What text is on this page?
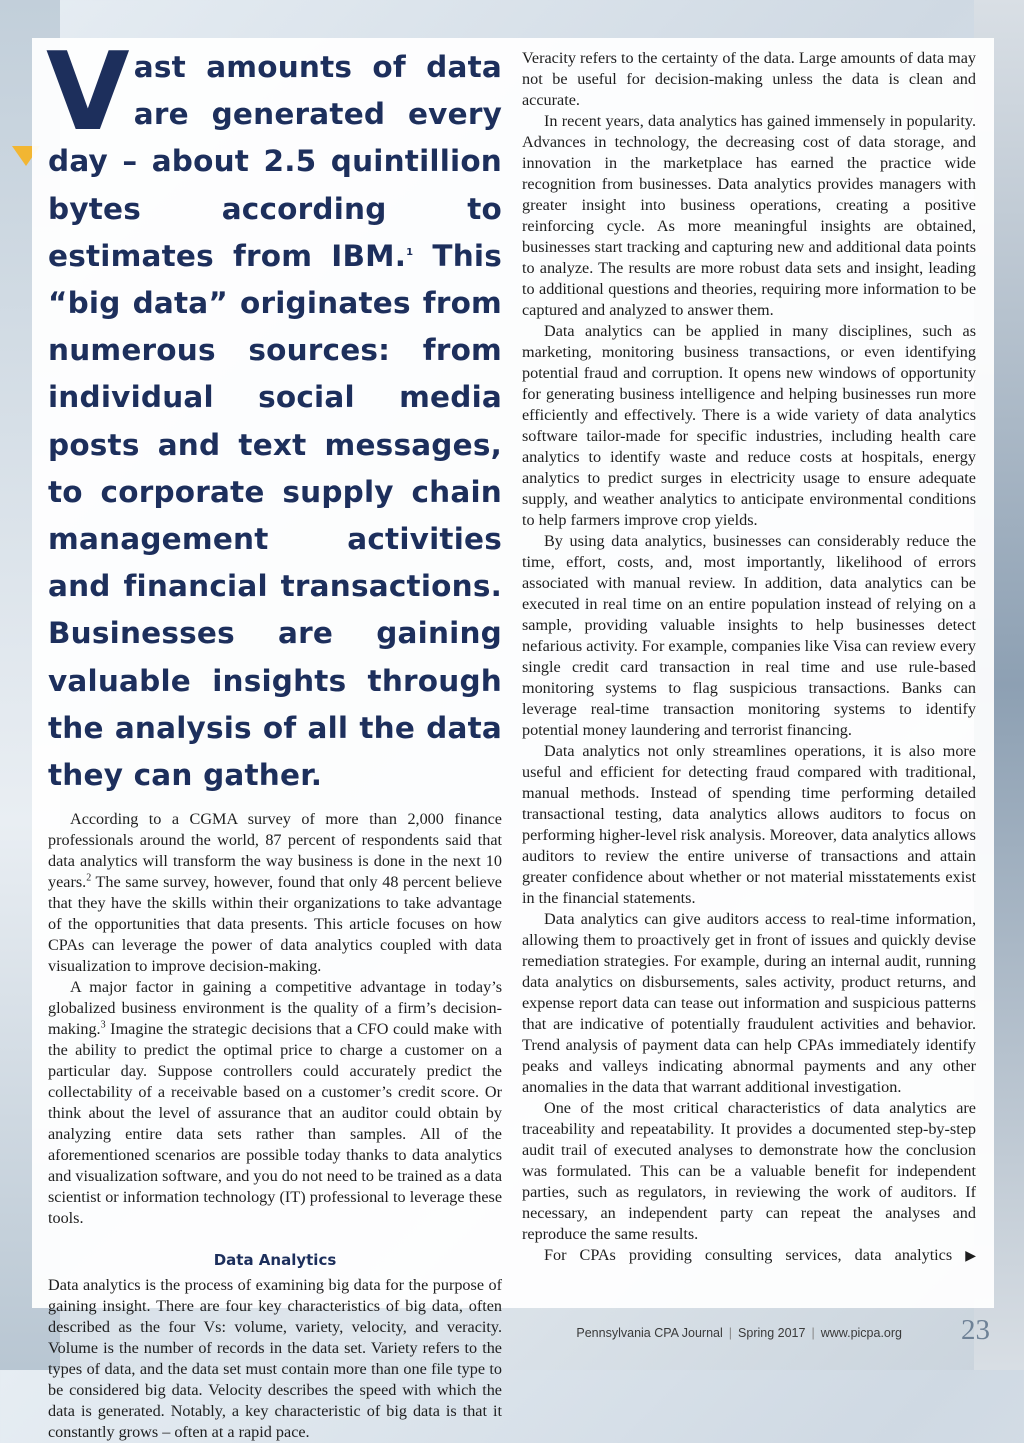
Vast amounts of data are generated every day – about 2.5 quintillion bytes according to estimates from IBM.$^1$ This “big data” originates from numerous sources: from individual social media posts and text messages, to corporate supply chain management activities and financial transactions. Businesses are gaining valuable insights through the analysis of all the data they can gather.

According to a CGMA survey of more than 2,000 finance professionals around the world, 87 percent of respondents said that data analytics will transform the way business is done in the next 10 years.$^2$ The same survey, however, found that only 48 percent believe that they have the skills within their organizations to take advantage of the opportunities that data presents. This article focuses on how CPAs can leverage the power of data analytics coupled with data visualization to improve decision-making.

A major factor in gaining a competitive advantage in today’s globalized business environment is the quality of a firm’s decision-making.$^3$ Imagine the strategic decisions that a CFO could make with the ability to predict the optimal price to charge a customer on a particular day. Suppose controllers could accurately predict the collectability of a receivable based on a customer’s credit score. Or think about the level of assurance that an auditor could obtain by analyzing entire data sets rather than samples. All of the aforementioned scenarios are possible today thanks to data analytics and visualization software, and you do not need to be trained as a data scientist or information technology (IT) professional to leverage these tools.

Data Analytics

Data analytics is the process of examining big data for the purpose of gaining insight. There are four key characteristics of big data, often described as the four Vs: volume, variety, velocity, and veracity. Volume is the number of records in the data set. Variety refers to the types of data, and the data set must contain more than one file type to be considered big data. Velocity describes the speed with which the data is generated. Notably, a key characteristic of big data is that it constantly grows – often at a rapid pace.

Veracity refers to the certainty of the data. Large amounts of data may not be useful for decision-making unless the data is clean and accurate.

In recent years, data analytics has gained immensely in popularity. Advances in technology, the decreasing cost of data storage, and innovation in the marketplace has earned the practice wide recognition from businesses. Data analytics provides managers with greater insight into business operations, creating a positive reinforcing cycle. As more meaningful insights are obtained, businesses start tracking and capturing new and additional data points to analyze. The results are more robust data sets and insight, leading to additional questions and theories, requiring more information to be captured and analyzed to answer them.

Data analytics can be applied in many disciplines, such as marketing, monitoring business transactions, or even identifying potential fraud and corruption. It opens new windows of opportunity for generating business intelligence and helping businesses run more efficiently and effectively. There is a wide variety of data analytics software tailor-made for specific industries, including health care analytics to identify waste and reduce costs at hospitals, energy analytics to predict surges in electricity usage to ensure adequate supply, and weather analytics to anticipate environmental conditions to help farmers improve crop yields.

By using data analytics, businesses can considerably reduce the time, effort, costs, and, most importantly, likelihood of errors associated with manual review. In addition, data analytics can be executed in real time on an entire population instead of relying on a sample, providing valuable insights to help businesses detect nefarious activity. For example, companies like Visa can review every single credit card transaction in real time and use rule-based monitoring systems to flag suspicious transactions. Banks can leverage real-time transaction monitoring systems to identify potential money laundering and terrorist financing.

Data analytics not only streamlines operations, it is also more useful and efficient for detecting fraud compared with traditional, manual methods. Instead of spending time performing detailed transactional testing, data analytics allows auditors to focus on performing higher-level risk analysis. Moreover, data analytics allows auditors to review the entire universe of transactions and attain greater confidence about whether or not material misstatements exist in the financial statements.

Data analytics can give auditors access to real-time information, allowing them to proactively get in front of issues and quickly devise remediation strategies. For example, during an internal audit, running data analytics on disbursements, sales activity, product returns, and expense report data can tease out information and suspicious patterns that are indicative of potentially fraudulent activities and behavior. Trend analysis of payment data can help CPAs immediately identify peaks and valleys indicating abnormal payments and any other anomalies in the data that warrant additional investigation.

One of the most critical characteristics of data analytics are traceability and repeatability. It provides a documented step-by-step audit trail of executed analyses to demonstrate how the conclusion was formulated. This can be a valuable benefit for independent parties, such as regulators, in reviewing the work of auditors. If necessary, an independent party can repeat the analyses and reproduce the same results.

For CPAs providing consulting services, data analytics ▶

Pennsylvania CPA Journal | Spring 2017 | www.picpa.org 23
